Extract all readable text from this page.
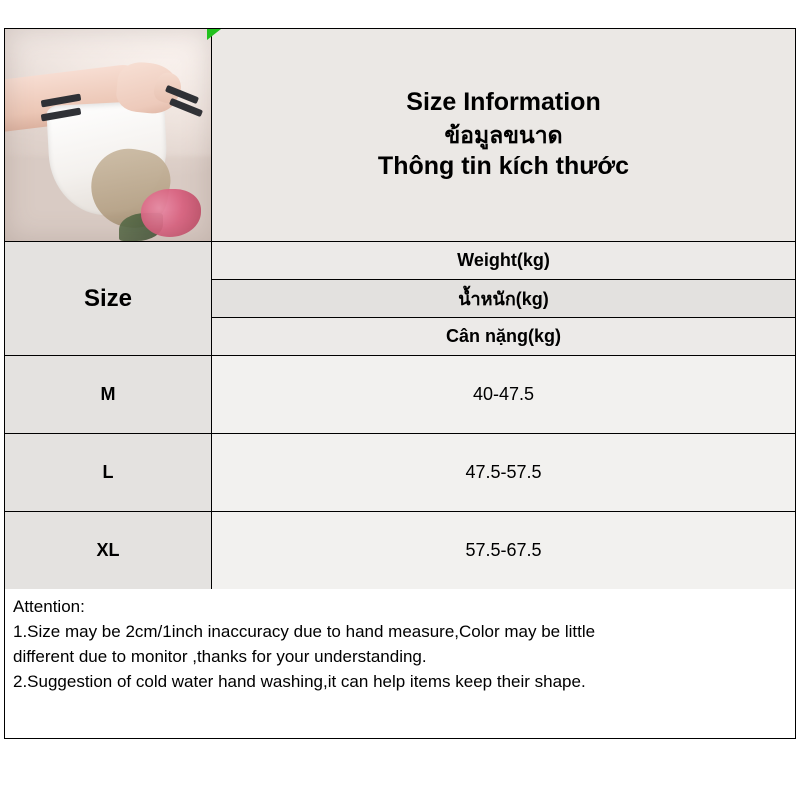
	Size Information
ข้อมูลขนาด
Thông tin kích thước

Size	Weight(kg)
	น้ำหนัก(kg)
	Cân nặng(kg)
M	40-47.5
L	47.5-57.5
XL	57.5-67.5

Attention:

1.Size may be 2cm/1inch inaccuracy due to hand measure,Color may be little

different due to monitor ,thanks for your understanding.

2.Suggestion of cold water hand washing,it can help items keep their shape.
